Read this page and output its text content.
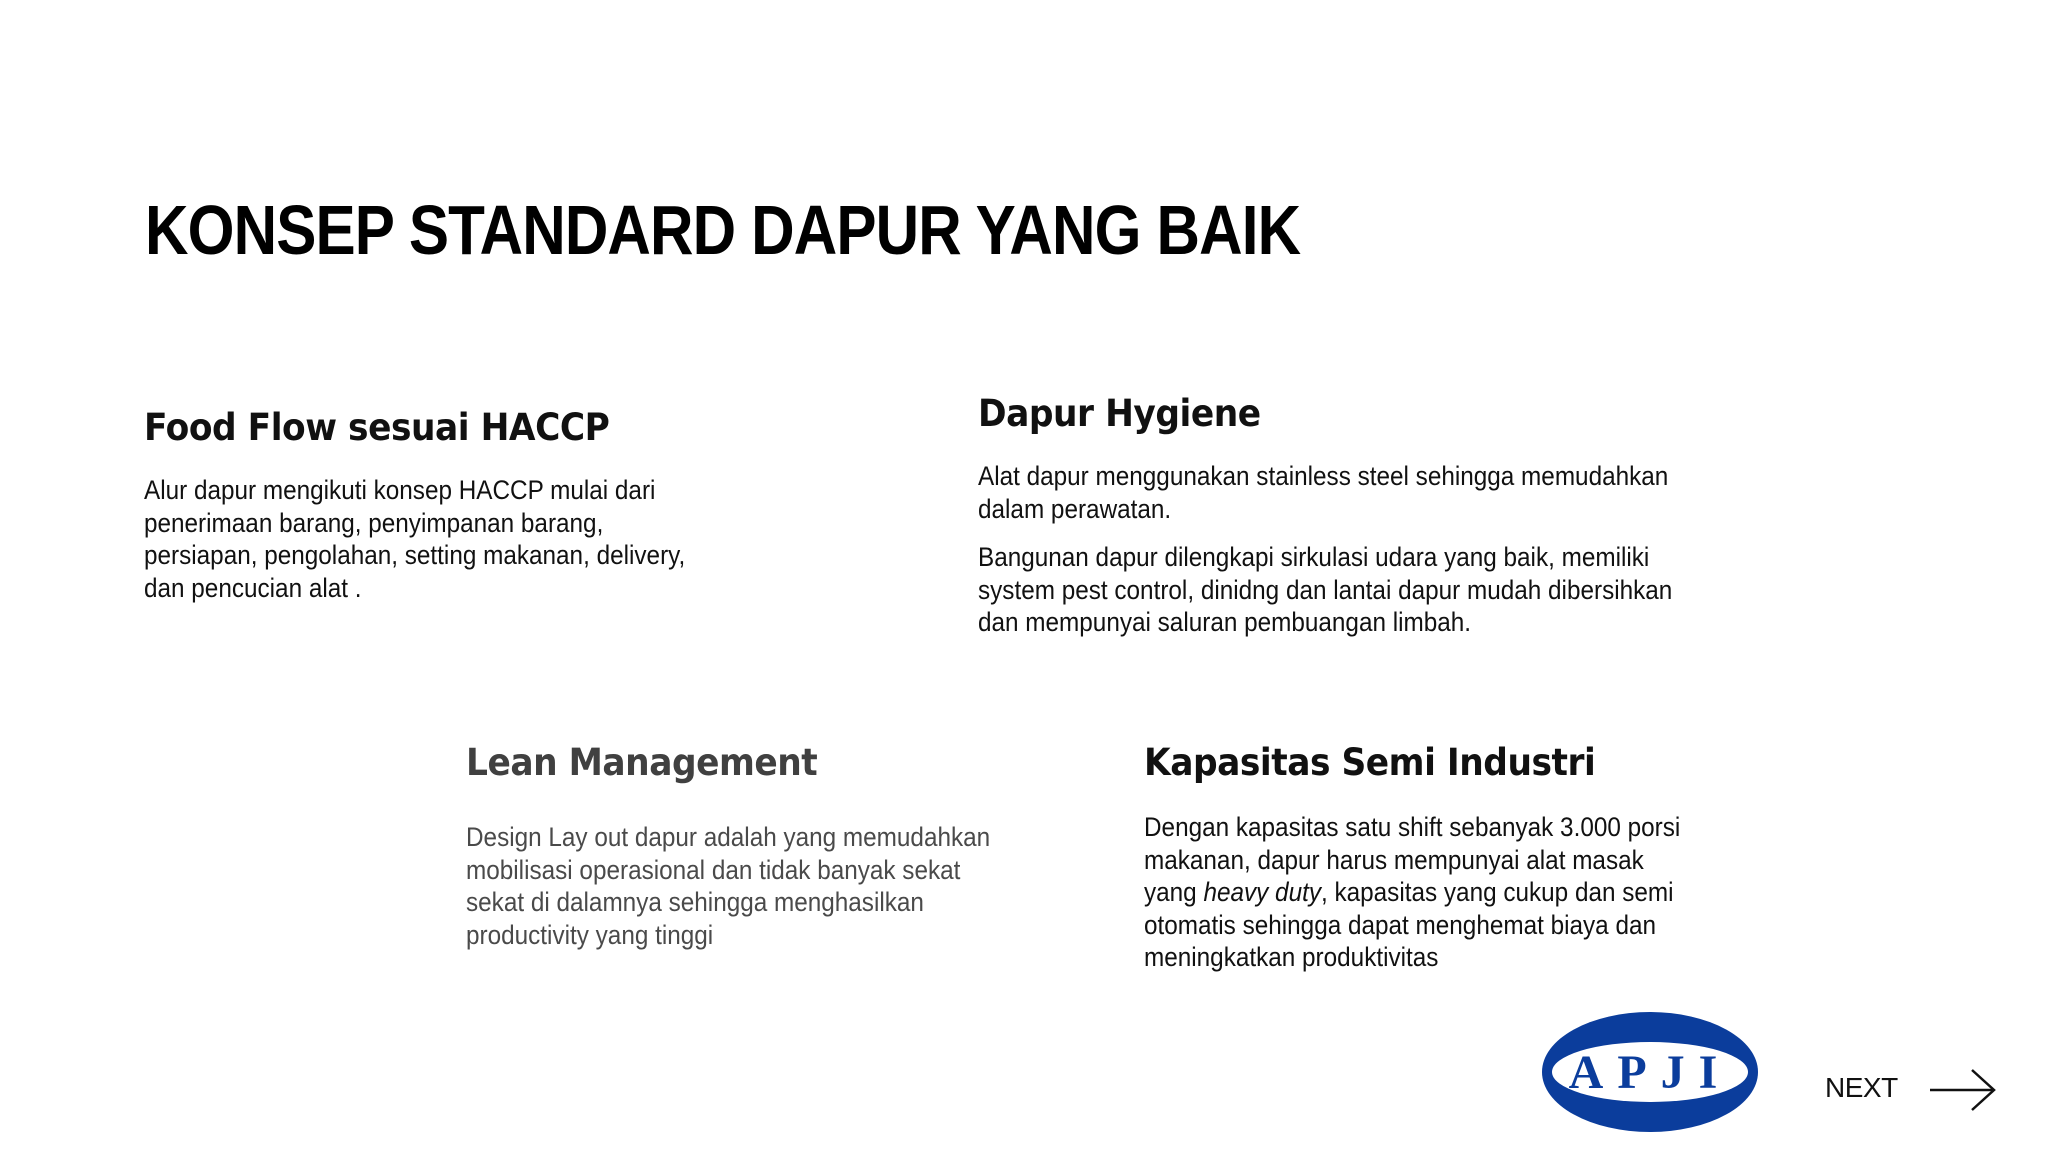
KONSEP STANDARD DAPUR YANG BAIK
Food Flow sesuai HACCP

Alur dapur mengikuti konsep HACCP mulai dari
penerimaan barang, penyimpanan barang,
persiapan, pengolahan, setting makanan, delivery,
dan pencucian alat .

Dapur Hygiene

Alat dapur menggunakan stainless steel sehingga memudahkan
dalam perawatan.

Bangunan dapur dilengkapi sirkulasi udara yang baik, memiliki
system pest control, dinidng dan lantai dapur mudah dibersihkan
dan mempunyai saluran pembuangan limbah.

Lean Management

Design Lay out dapur adalah yang memudahkan
mobilisasi operasional dan tidak banyak sekat
sekat di dalamnya sehingga menghasilkan
productivity yang tinggi

Kapasitas Semi Industri

Dengan kapasitas satu shift sebanyak 3.000 porsi
makanan, dapur harus mempunyai alat masak
yang heavy duty, kapasitas yang cukup dan semi
otomatis sehingga dapat menghemat biaya dan
meningkatkan produktivitas

APJI	NEXT
